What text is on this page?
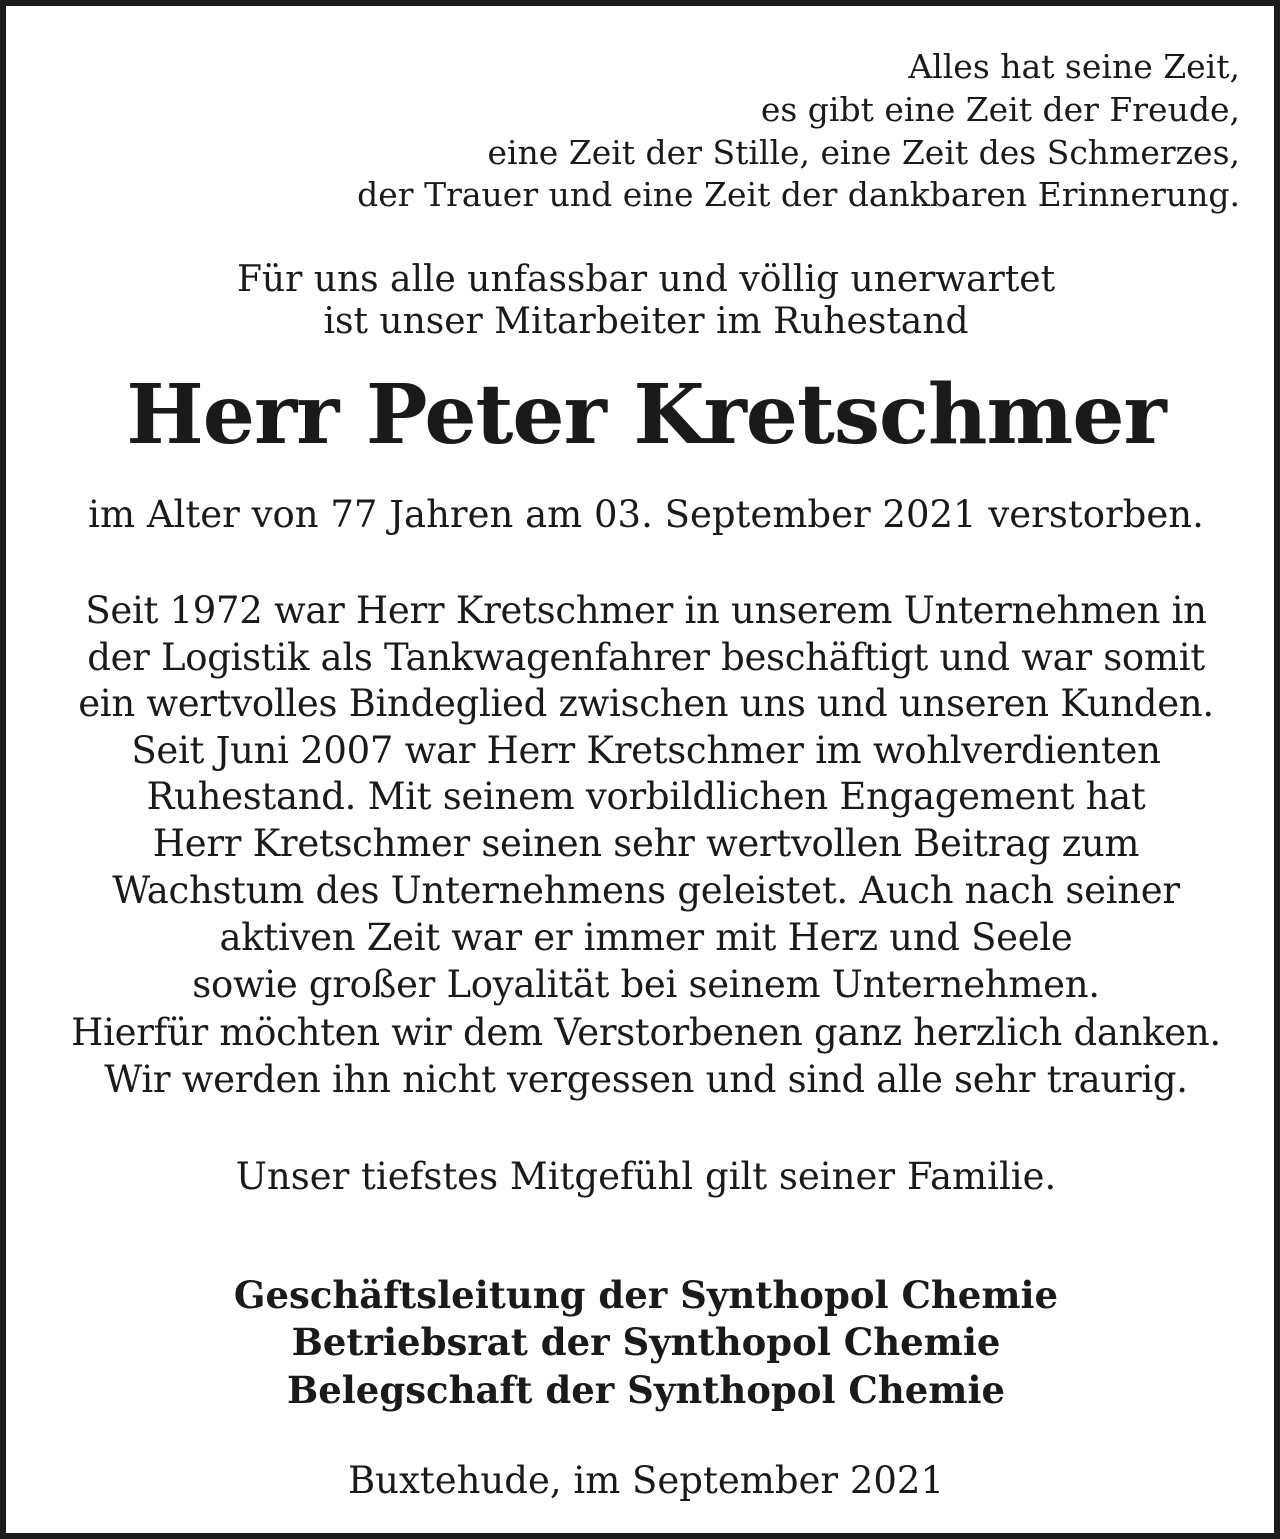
Alles hat seine Zeit,

es gibt eine Zeit der Freude,

eine Zeit der Stille, eine Zeit des Schmerzes,

der Trauer und eine Zeit der dankbaren Erinnerung.

Für uns alle unfassbar und völlig unerwartet

ist unser Mitarbeiter im Ruhestand

Herr Peter Kretschmer

im Alter von 77 Jahren am 03. September 2021 verstorben.

Seit 1972 war Herr Kretschmer in unserem Unternehmen in

der Logistik als Tankwagenfahrer beschäftigt und war somit

ein wertvolles Bindeglied zwischen uns und unseren Kunden.

Seit Juni 2007 war Herr Kretschmer im wohlverdienten

Ruhestand. Mit seinem vorbildlichen Engagement hat

Herr Kretschmer seinen sehr wertvollen Beitrag zum

Wachstum des Unternehmens geleistet. Auch nach seiner

aktiven Zeit war er immer mit Herz und Seele

sowie großer Loyalität bei seinem Unternehmen.

Hierfür möchten wir dem Verstorbenen ganz herzlich danken.

Wir werden ihn nicht vergessen und sind alle sehr traurig.

Unser tiefstes Mitgefühl gilt seiner Familie.

Geschäftsleitung der Synthopol Chemie

Betriebsrat der Synthopol Chemie

Belegschaft der Synthopol Chemie

Buxtehude, im September 2021
